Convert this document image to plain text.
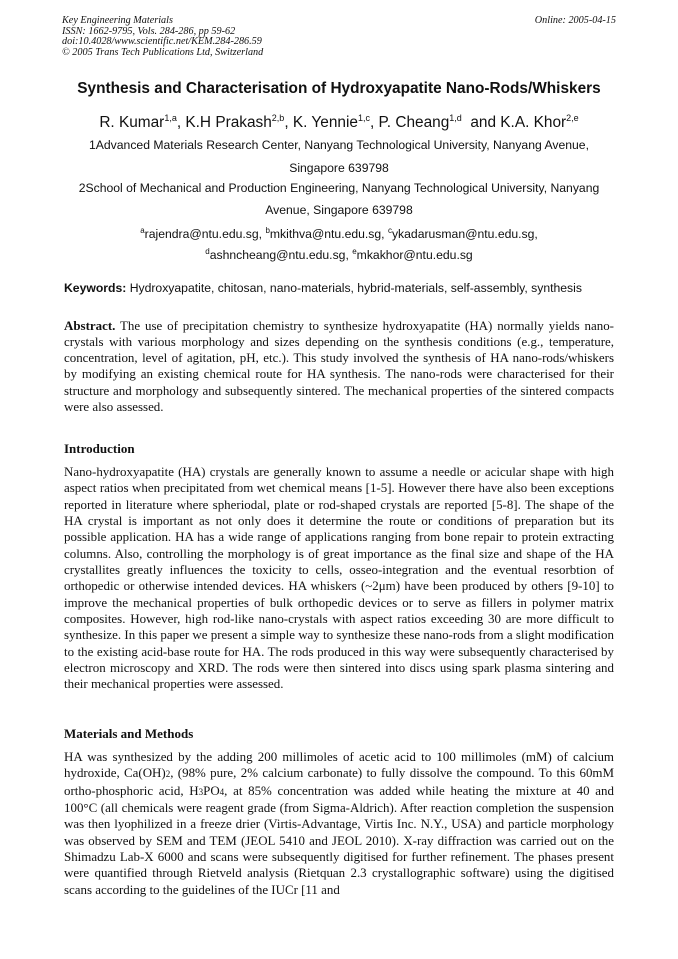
Key Engineering Materials
ISSN: 1662-9795, Vols. 284-286, pp 59-62
doi:10.4028/www.scientific.net/KEM.284-286.59
© 2005 Trans Tech Publications Ltd, Switzerland
Online: 2005-04-15
Synthesis and Characterisation of Hydroxyapatite Nano-Rods/Whiskers
R. Kumar$^{1,a}$, K.H Prakash$^{2,b}$, K. Yennie$^{1,c}$, P. Cheang$^{1,d}$  and K.A. Khor$^{2,e}$
1Advanced Materials Research Center, Nanyang Technological University, Nanyang Avenue,
Singapore 639798
2School of Mechanical and Production Engineering, Nanyang Technological University, Nanyang
Avenue, Singapore 639798
$^a$rajendra@ntu.edu.sg, $^b$mkithva@ntu.edu.sg, $^c$ykadarusman@ntu.edu.sg,
$^d$ashncheang@ntu.edu.sg, $^e$mkakhor@ntu.edu.sg
Keywords: Hydroxyapatite, chitosan, nano-materials, hybrid-materials, self-assembly, synthesis
Abstract. The use of precipitation chemistry to synthesize hydroxyapatite (HA) normally yields nano-crystals with various morphology and sizes depending on the synthesis conditions (e.g., temperature, concentration, level of agitation, pH, etc.). This study involved the synthesis of HA nano-rods/whiskers by modifying an existing chemical route for HA synthesis. The nano-rods were characterised for their structure and morphology and subsequently sintered. The mechanical properties of the sintered compacts were also assessed.
Introduction
Nano-hydroxyapatite (HA) crystals are generally known to assume a needle or acicular shape with high aspect ratios when precipitated from wet chemical means [1-5]. However there have also been exceptions reported in literature where spheriodal, plate or rod-shaped crystals are reported [5-8]. The shape of the HA crystal is important as not only does it determine the route or conditions of preparation but its possible application. HA has a wide range of applications ranging from bone repair to protein extracting columns. Also, controlling the morphology is of great importance as the final size and shape of the HA crystallites greatly influences the toxicity to cells, osseo-integration and the eventual resorbtion of orthopedic or otherwise intended devices. HA whiskers (~2μm) have been produced by others [9-10] to improve the mechanical properties of bulk orthopedic devices or to serve as fillers in polymer matrix composites. However, high rod-like nano-crystals with aspect ratios exceeding 30 are more difficult to synthesize. In this paper we present a simple way to synthesize these nano-rods from a slight modification to the existing acid-base route for HA. The rods produced in this way were subsequently characterised by electron microscopy and XRD. The rods were then sintered into discs using spark plasma sintering and their mechanical properties were assessed.
Materials and Methods
HA was synthesized by the adding 200 millimoles of acetic acid to 100 millimoles (mM) of calcium hydroxide, Ca(OH)2, (98% pure, 2% calcium carbonate) to fully dissolve the compound. To this 60mM ortho-phosphoric acid, H3PO4, at 85% concentration was added while heating the mixture at 40 and 100°C (all chemicals were reagent grade (from Sigma-Aldrich). After reaction completion the suspension was then lyophilized in a freeze drier (Virtis-Advantage, Virtis Inc. N.Y., USA) and particle morphology was observed by SEM and TEM (JEOL 5410 and JEOL 2010). X-ray diffraction was carried out on the Shimadzu Lab-X 6000 and scans were subsequently digitised for further refinement. The phases present were quantified through Rietveld analysis (Rietquan 2.3 crystallographic software) using the digitised scans according to the guidelines of the IUCr [11 and
